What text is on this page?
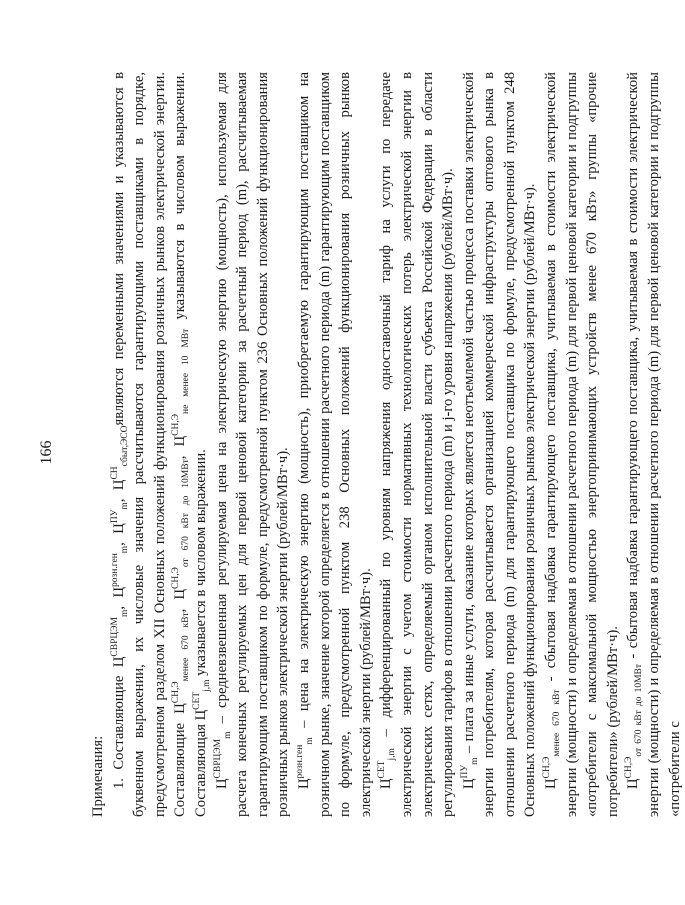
166

Примечания: 1. Составляющие $Ц^{СВРЦЭМ}_m$, $Ц^{розн.ген}_m$, $Ц^{ПУ}_m$, $Ц^{СН}_{сбыт,ЭСО}являются$ переменными значениями и указываются в буквенном выражении, их числовые значения рассчитываются гарантирующими поставщиками в порядке, предусмотренном разделом XII Основных положений функционирования розничных рынков электрической энергии. Составляющие $Ц^{СН,Э}_{менее 670 кВт}$, $Ц^{СН,Э}_{от 670 кВт до 10МВт}$, $Ц^{СН,Э}_{не менее 10 МВт}$ указываются в числовом выражении. Составляющая $Ц^{СЕТ}_{j,m}$ указывается в числовом выражении.

$Ц^{СВРЦЭМ}_m$ – средневзвешенная регулируемая цена на электрическую энергию (мощность), используемая для расчета конечных регулируемых цен для первой ценовой категории за расчетный период (m), рассчитываемая гарантирующим поставщиком по формуле, предусмотренной пунктом 236 Основных положений функционирования розничных рынков электрической энергии (рублей/МВт·ч). $Ц^{розн.ген}_m$ – цена на электрическую энергию (мощность), приобретаемую гарантирующим поставщиком на розничном рынке, значение которой определяется в отношении расчетного периода (m) гарантирующим поставщиком по формуле, предусмотренной пунктом 238 Основных положений функционирования розничных рынков электрической энергии (рублей/МВт·ч). $Ц^{СЕТ}_{j,m}$ – дифференцированный по уровням напряжения одноставочный тариф на услуги по передаче электрической энергии с учетом стоимости нормативных технологических потерь электрической энергии в электрических сетях, определяемый органом исполнительной власти субъекта Российской Федерации в области регулирования тарифов в отношении расчетного периода (m) и j-го уровня напряжения (рублей/МВт·ч). $Ц^{ПУ}_m$ – плата за иные услуги, оказание которых является неотъемлемой частью процесса поставки электрической энергии потребителям, которая рассчитывается организацией коммерческой инфраструктуры оптового рынка в отношении расчетного периода (m) для гарантирующего поставщика по формуле, предусмотренной пунктом 248 Основных положений функционирования розничных рынков электрической энергии (рублей/МВт·ч). $Ц^{СН,Э}_{менее 670 кВт}$ - сбытовая надбавка гарантирующего поставщика, учитываемая в стоимости электрической энергии (мощности) и определяемая в отношении расчетного периода (m) для первой ценовой категории и подгруппы «потребители с максимальной мощностью энергопринимающих устройств менее 670 кВт» группы «прочие потребители» (рублей/МВт·ч). $Ц^{СН,Э}_{от 670 кВт до 10МВт}$ - сбытовая надбавка гарантирующего поставщика, учитываемая в стоимости электрической энергии (мощности) и определяемая в отношении расчетного периода (m) для первой ценовой категории и подгруппы «потребители с
